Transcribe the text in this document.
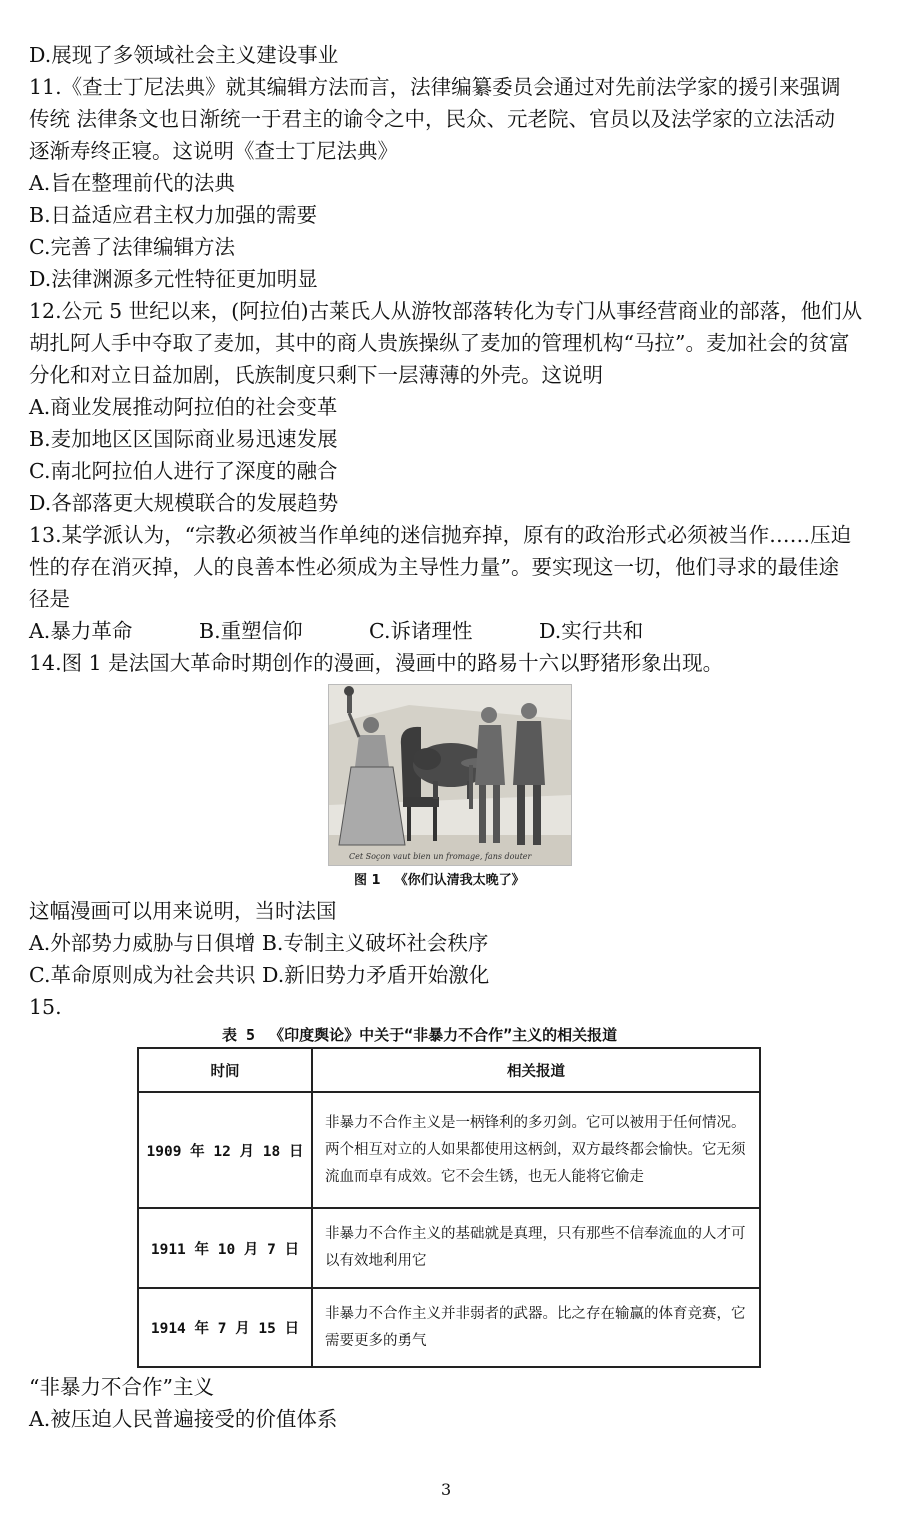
D.展现了多领域社会主义建设事业
11.《查士丁尼法典》就其编辑方法而言，法律编纂委员会通过对先前法学家的援引来强调
传统 法律条文也日渐统一于君主的谕令之中，民众、元老院、官员以及法学家的立法活动
逐渐寿终正寝。这说明《查士丁尼法典》
A.旨在整理前代的法典
B.日益适应君主权力加强的需要
C.完善了法律编辑方法
D.法律渊源多元性特征更加明显
12.公元 5 世纪以来，(阿拉伯)古莱氏人从游牧部落转化为专门从事经营商业的部落，他们从
胡扎阿人手中夺取了麦加，其中的商人贵族操纵了麦加的管理机构“马拉”。麦加社会的贫富
分化和对立日益加剧，氏族制度只剩下一层薄薄的外壳。这说明
A.商业发展推动阿拉伯的社会变革
B.麦加地区区国际商业易迅速发展
C.南北阿拉伯人进行了深度的融合
D.各部落更大规模联合的发展趋势
13.某学派认为，“宗教必须被当作单纯的迷信抛弃掉，原有的政治形式必须被当作……压迫
性的存在消灭掉，人的良善本性必须成为主导性力量”。要实现这一切，他们寻求的最佳途
径是
A.暴力革命	B.重塑信仰	C.诉诸理性	D.实行共和
14.图 1 是法国大革命时期创作的漫画，漫画中的路易十六以野猪形象出现。
Cet Soçon vaut bien un fromage, fans douter
图 1 《你们认清我太晚了》
这幅漫画可以用来说明，当时法国
A.外部势力威胁与日俱增 B.专制主义破坏社会秩序
C.革命原则成为社会共识 D.新旧势力矛盾开始激化
15.
表 5 《印度舆论》中关于“非暴力不合作”主义的相关报道
时间	相关报道
1909 年 12 月 18 日	非暴力不合作主义是一柄锋利的多刃剑。它可以被用于任何情况。两个相互对立的人如果都使用这柄剑，双方最终都会愉快。它无须流血而卓有成效。它不会生锈，也无人能将它偷走
1911 年 10 月 7 日	非暴力不合作主义的基础就是真理，只有那些不信奉流血的人才可以有效地利用它
1914 年 7 月 15 日	非暴力不合作主义并非弱者的武器。比之存在输赢的体育竞赛，它需要更多的勇气
“非暴力不合作”主义
A.被压迫人民普遍接受的价值体系
3
